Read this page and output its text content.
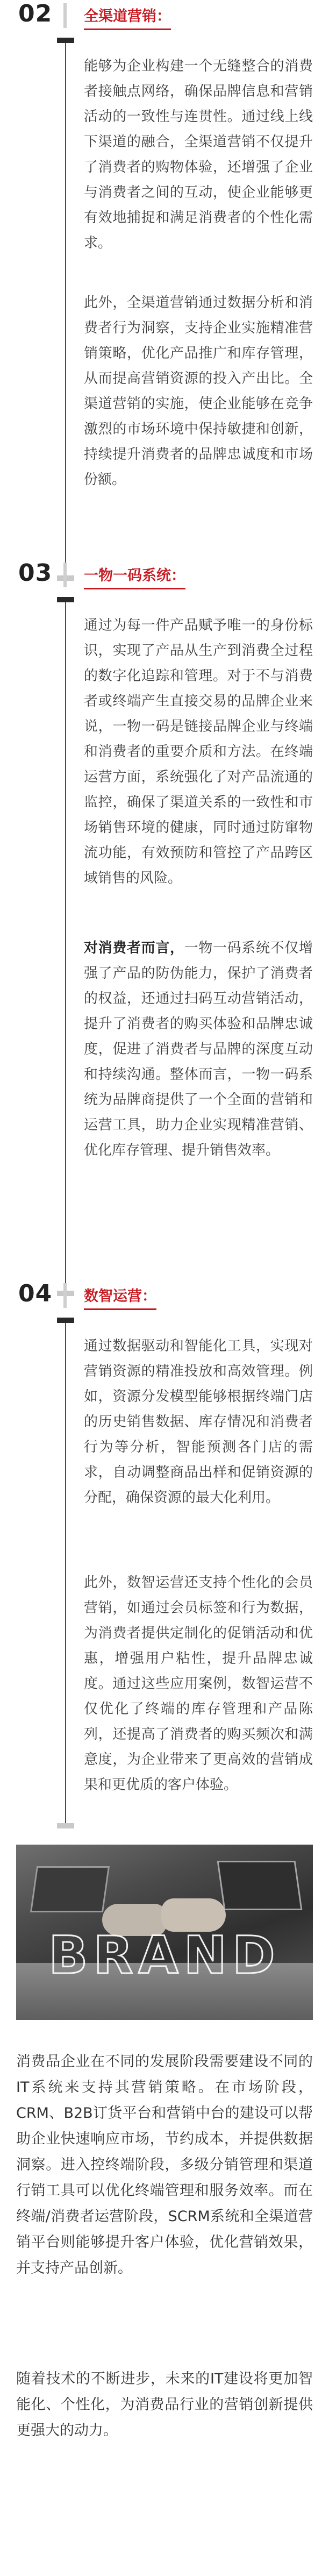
02 全渠道营销：
能够为企业构建一个无缝整合的消费者接触点网络，确保品牌信息和营销活动的一致性与连贯性。通过线上线下渠道的融合，全渠道营销不仅提升了消费者的购物体验，还增强了企业与消费者之间的互动，使企业能够更有效地捕捉和满足消费者的个性化需求。
此外，全渠道营销通过数据分析和消费者行为洞察，支持企业实施精准营销策略，优化产品推广和库存管理，从而提高营销资源的投入产出比。全渠道营销的实施，使企业能够在竞争激烈的市场环境中保持敏捷和创新，持续提升消费者的品牌忠诚度和市场份额。
03 一物一码系统：
通过为每一件产品赋予唯一的身份标识，实现了产品从生产到消费全过程的数字化追踪和管理。对于不与消费者或终端产生直接交易的品牌企业来说，一物一码是链接品牌企业与终端和消费者的重要介质和方法。在终端运营方面，系统强化了对产品流通的监控，确保了渠道关系的一致性和市场销售环境的健康，同时通过防窜物流功能，有效预防和管控了产品跨区域销售的风险。
对消费者而言，一物一码系统不仅增强了产品的防伪能力，保护了消费者的权益，还通过扫码互动营销活动，提升了消费者的购买体验和品牌忠诚度，促进了消费者与品牌的深度互动和持续沟通。整体而言，一物一码系统为品牌商提供了一个全面的营销和运营工具，助力企业实现精准营销、优化库存管理、提升销售效率。
04 数智运营：
通过数据驱动和智能化工具，实现对营销资源的精准投放和高效管理。例如，资源分发模型能够根据终端门店的历史销售数据、库存情况和消费者行为等分析，智能预测各门店的需求，自动调整商品出样和促销资源的分配，确保资源的最大化利用。
此外，数智运营还支持个性化的会员营销，如通过会员标签和行为数据，为消费者提供定制化的促销活动和优惠，增强用户粘性，提升品牌忠诚度。通过这些应用案例，数智运营不仅优化了终端的库存管理和产品陈列，还提高了消费者的购买频次和满意度，为企业带来了更高效的营销成果和更优质的客户体验。
BRAND
消费品企业在不同的发展阶段需要建设不同的IT系统来支持其营销策略。在市场阶段，CRM、B2B订货平台和营销中台的建设可以帮助企业快速响应市场，节约成本，并提供数据洞察。进入控终端阶段，多级分销管理和渠道行销工具可以优化终端管理和服务效率。而在终端/消费者运营阶段，SCRM系统和全渠道营销平台则能够提升客户体验，优化营销效果，并支持产品创新。
随着技术的不断进步，未来的IT建设将更加智能化、个性化，为消费品行业的营销创新提供更强大的动力。
